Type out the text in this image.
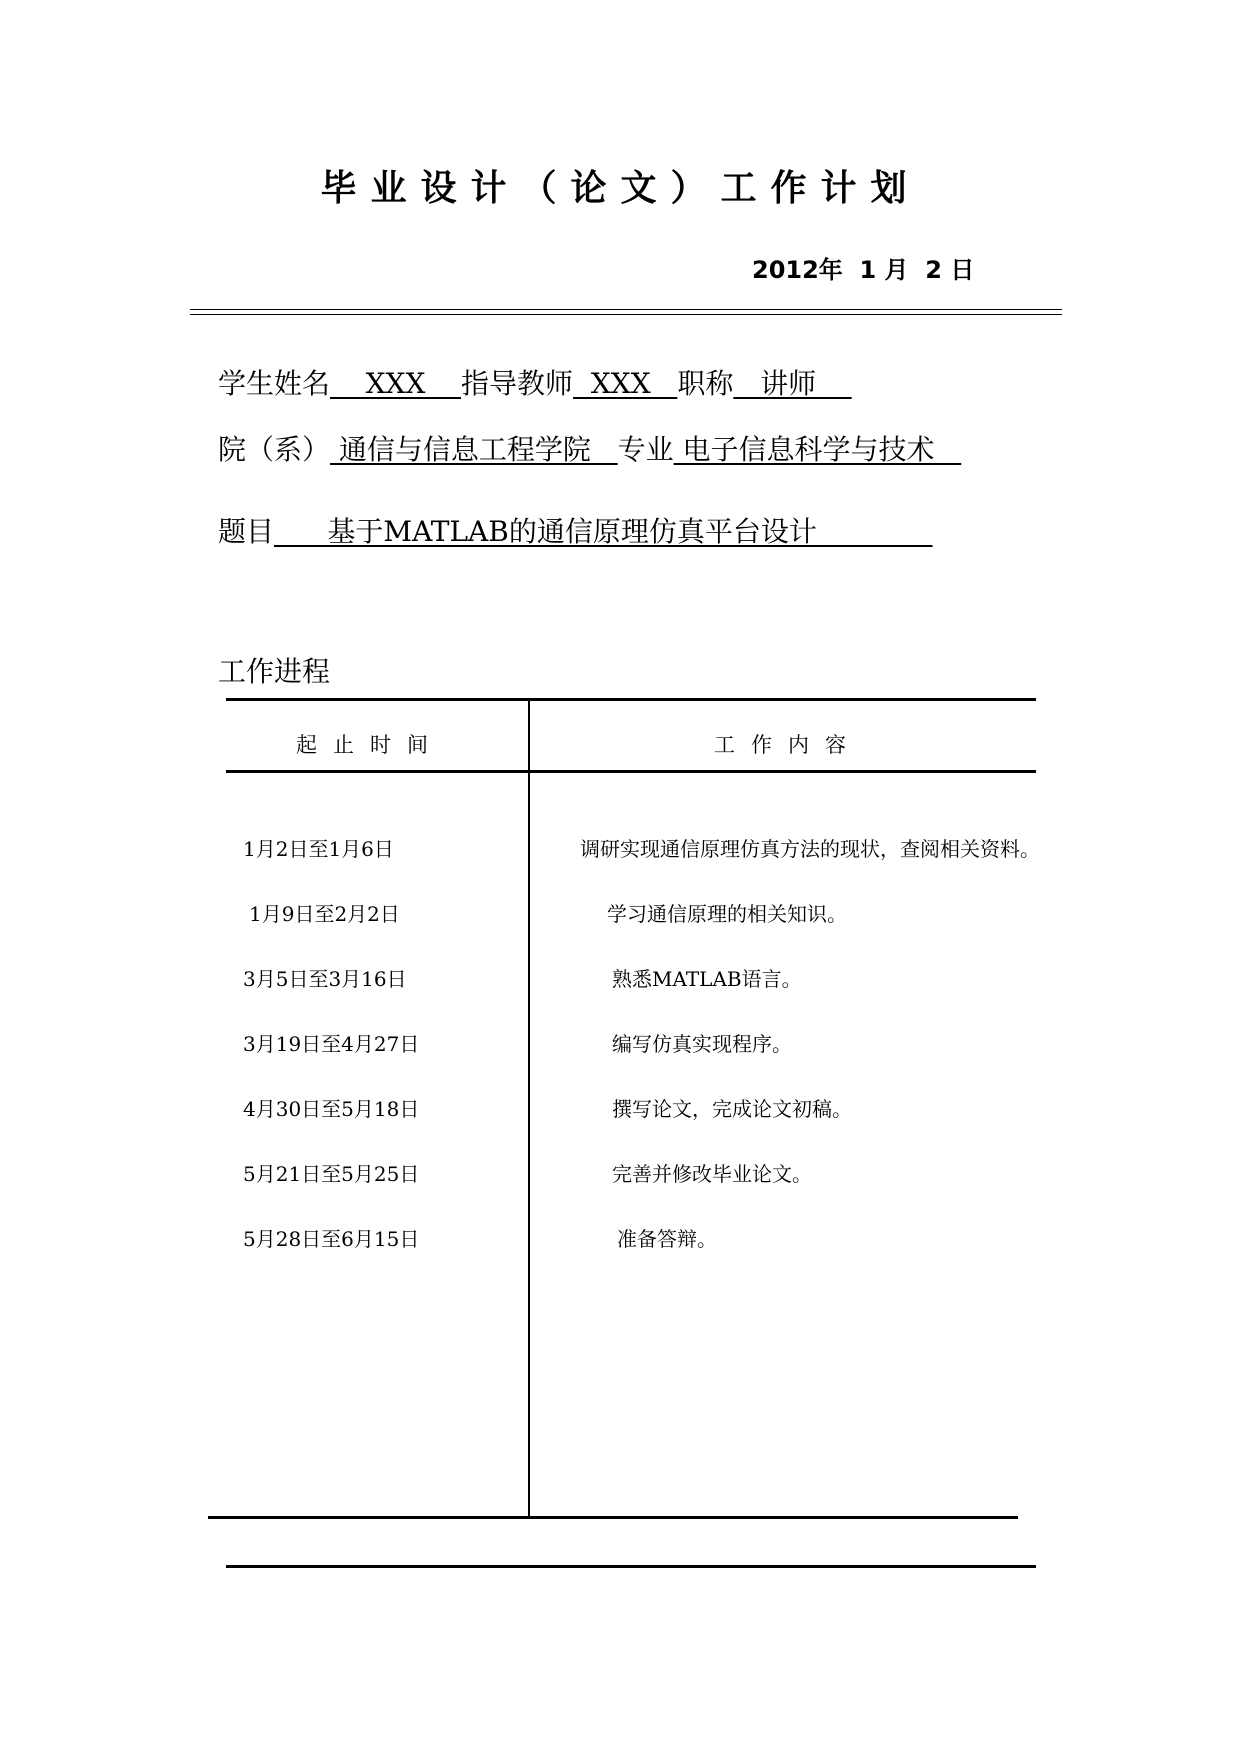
毕业设计（论文）工作计划
2012年  1 月  2 日
学生姓名    XXX    指导教师  XXX   职称   讲师
院（系） 通信与信息工程学院   专业 电子信息科学与技术
题目      基于MATLAB的通信原理仿真平台设计
工作进程
起止时间	工作内容
1月2日至1月6日	调研实现通信原理仿真方法的现状，查阅相关资料。
1月9日至2月2日	学习通信原理的相关知识。
3月5日至3月16日	熟悉MATLAB语言。
3月19日至4月27日	编写仿真实现程序。
4月30日至5月18日	撰写论文，完成论文初稿。
5月21日至5月25日	完善并修改毕业论文。
5月28日至6月15日	准备答辩。
